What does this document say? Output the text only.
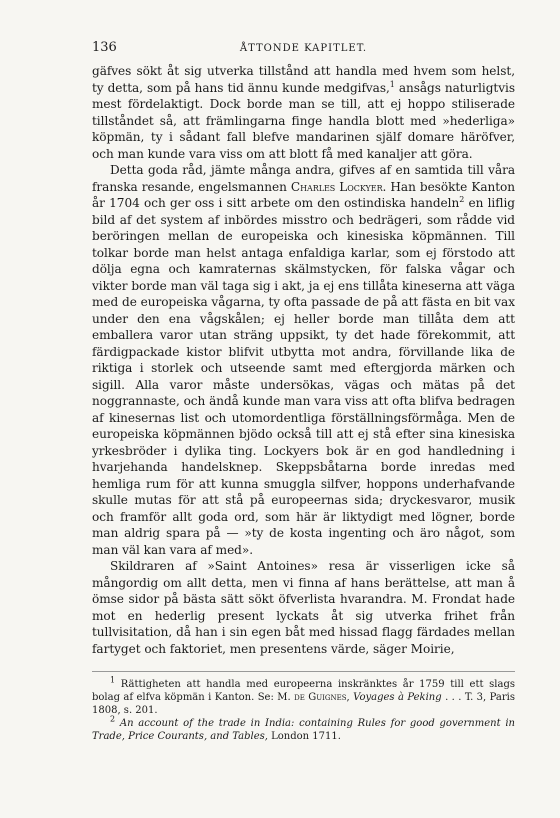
136	ÅTTONDE KAPITLET.

gäfves sökt åt sig utverka tillstånd att handla med hvem som helst, ty detta, som på hans tid ännu kunde medgifvas,$^1$ ansågs naturligtvis mest fördelaktigt. Dock borde man se till, att ej hoppo stiliserade tillståndet så, att främlingarna finge handla blott med »hederliga» köpmän, ty i sådant fall blefve mandarinen själf domare häröfver, och man kunde vara viss om att blott få med kanaljer att göra.

Detta goda råd, jämte många andra, gifves af en samtida till våra franska resande, engelsmannen Charles Lockyer. Han besökte Kanton år 1704 och ger oss i sitt arbete om den ostindiska handeln$^2$ en liflig bild af det system af inbördes misstro och bedrägeri, som rådde vid beröringen mellan de europeiska och kinesiska köpmännen. Till tolkar borde man helst antaga enfaldiga karlar, som ej förstodo att dölja egna och kamraternas skälmstycken, för falska vågar och vikter borde man väl taga sig i akt, ja ej ens tillåta kineserna att väga med de europeiska vågarna, ty ofta passade de på att fästa en bit vax under den ena vågskålen; ej heller borde man tillåta dem att emballera varor utan sträng uppsikt, ty det hade förekommit, att färdigpackade kistor blifvit utbytta mot andra, förvillande lika de riktiga i storlek och utseende samt med eftergjorda märken och sigill. Alla varor måste undersökas, vägas och mätas på det noggrannaste, och ändå kunde man vara viss att ofta blifva bedragen af kinesernas list och utomordentliga förställningsförmåga. Men de europeiska köpmännen bjödo också till att ej stå efter sina kinesiska yrkesbröder i dylika ting. Lockyers bok är en god handledning i hvarjehanda handelsknep. Skeppsbåtarna borde inredas med hemliga rum för att kunna smuggla silfver, hoppons underhafvande skulle mutas för att stå på europeernas sida; dryckesvaror, musik och framför allt goda ord, som här är liktydigt med lögner, borde man aldrig spara på — »ty de kosta ingenting och äro något, som man väl kan vara af med».

Skildraren af »Saint Antoines» resa är visserligen icke så mångordig om allt detta, men vi finna af hans berättelse, att man å ömse sidor på bästa sätt sökt öfverlista hvarandra. M. Frondat hade mot en hederlig present lyckats åt sig utverka frihet från tullvisitation, då han i sin egen båt med hissad flagg färdades mellan fartyget och faktoriet, men presentens värde, säger Moirie,

$^1$ Rättigheten att handla med europeerna inskränktes år 1759 till ett slags bolag af elfva köpmän i Kanton. Se: M. de Guignes, Voyages à Peking . . . T. 3, Paris 1808, s. 201.

$^2$ An account of the trade in India: containing Rules for good government in Trade, Price Courants, and Tables, London 1711.
